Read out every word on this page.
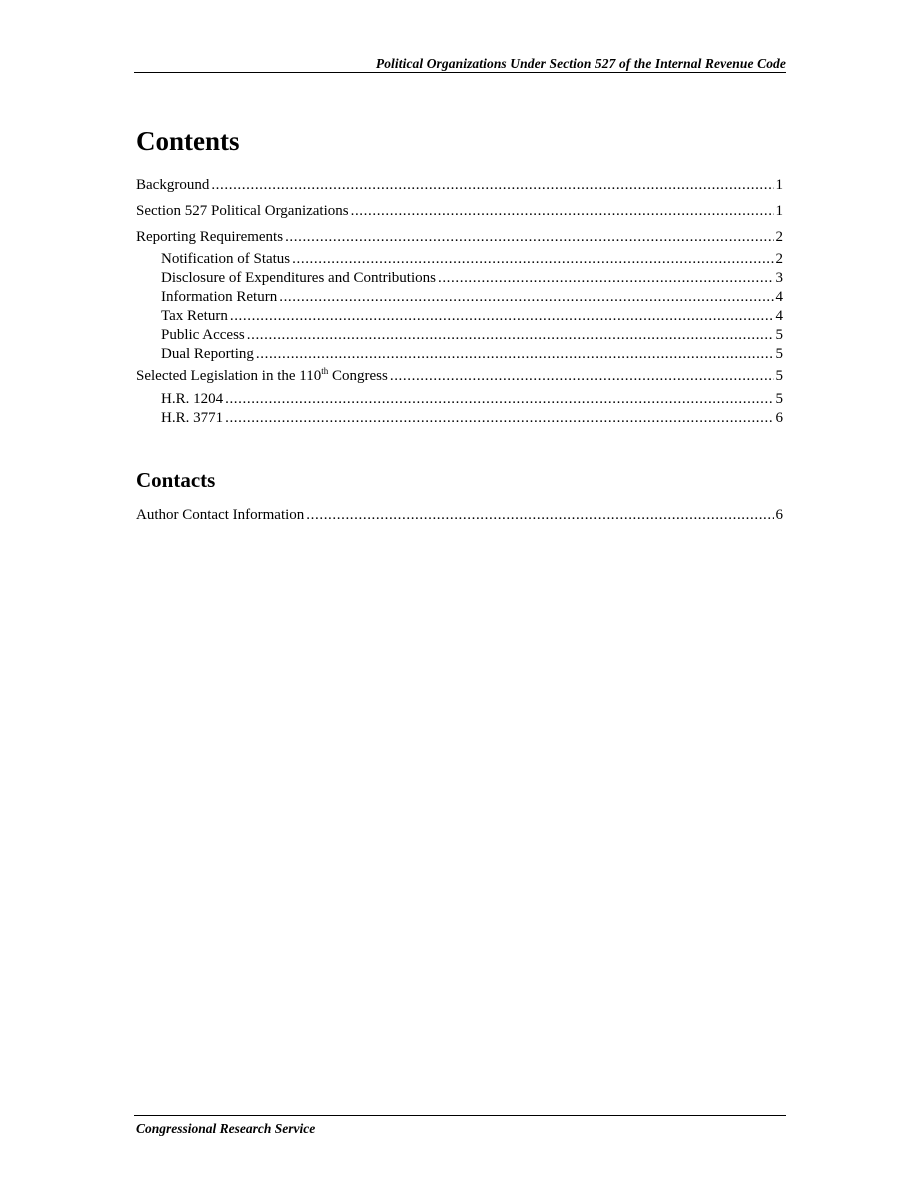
Political Organizations Under Section 527 of the Internal Revenue Code
Contents
Background .....	1
Section 527 Political Organizations .....	1
Reporting Requirements .....	2
Notification of Status .....	2
Disclosure of Expenditures and Contributions .....	3
Information Return .....	4
Tax Return .....	4
Public Access .....	5
Dual Reporting .....	5
Selected Legislation in the 110th Congress .....	5
H.R. 1204 .....	5
H.R. 3771 .....	6
Contacts
Author Contact Information .....	6
Congressional Research Service
